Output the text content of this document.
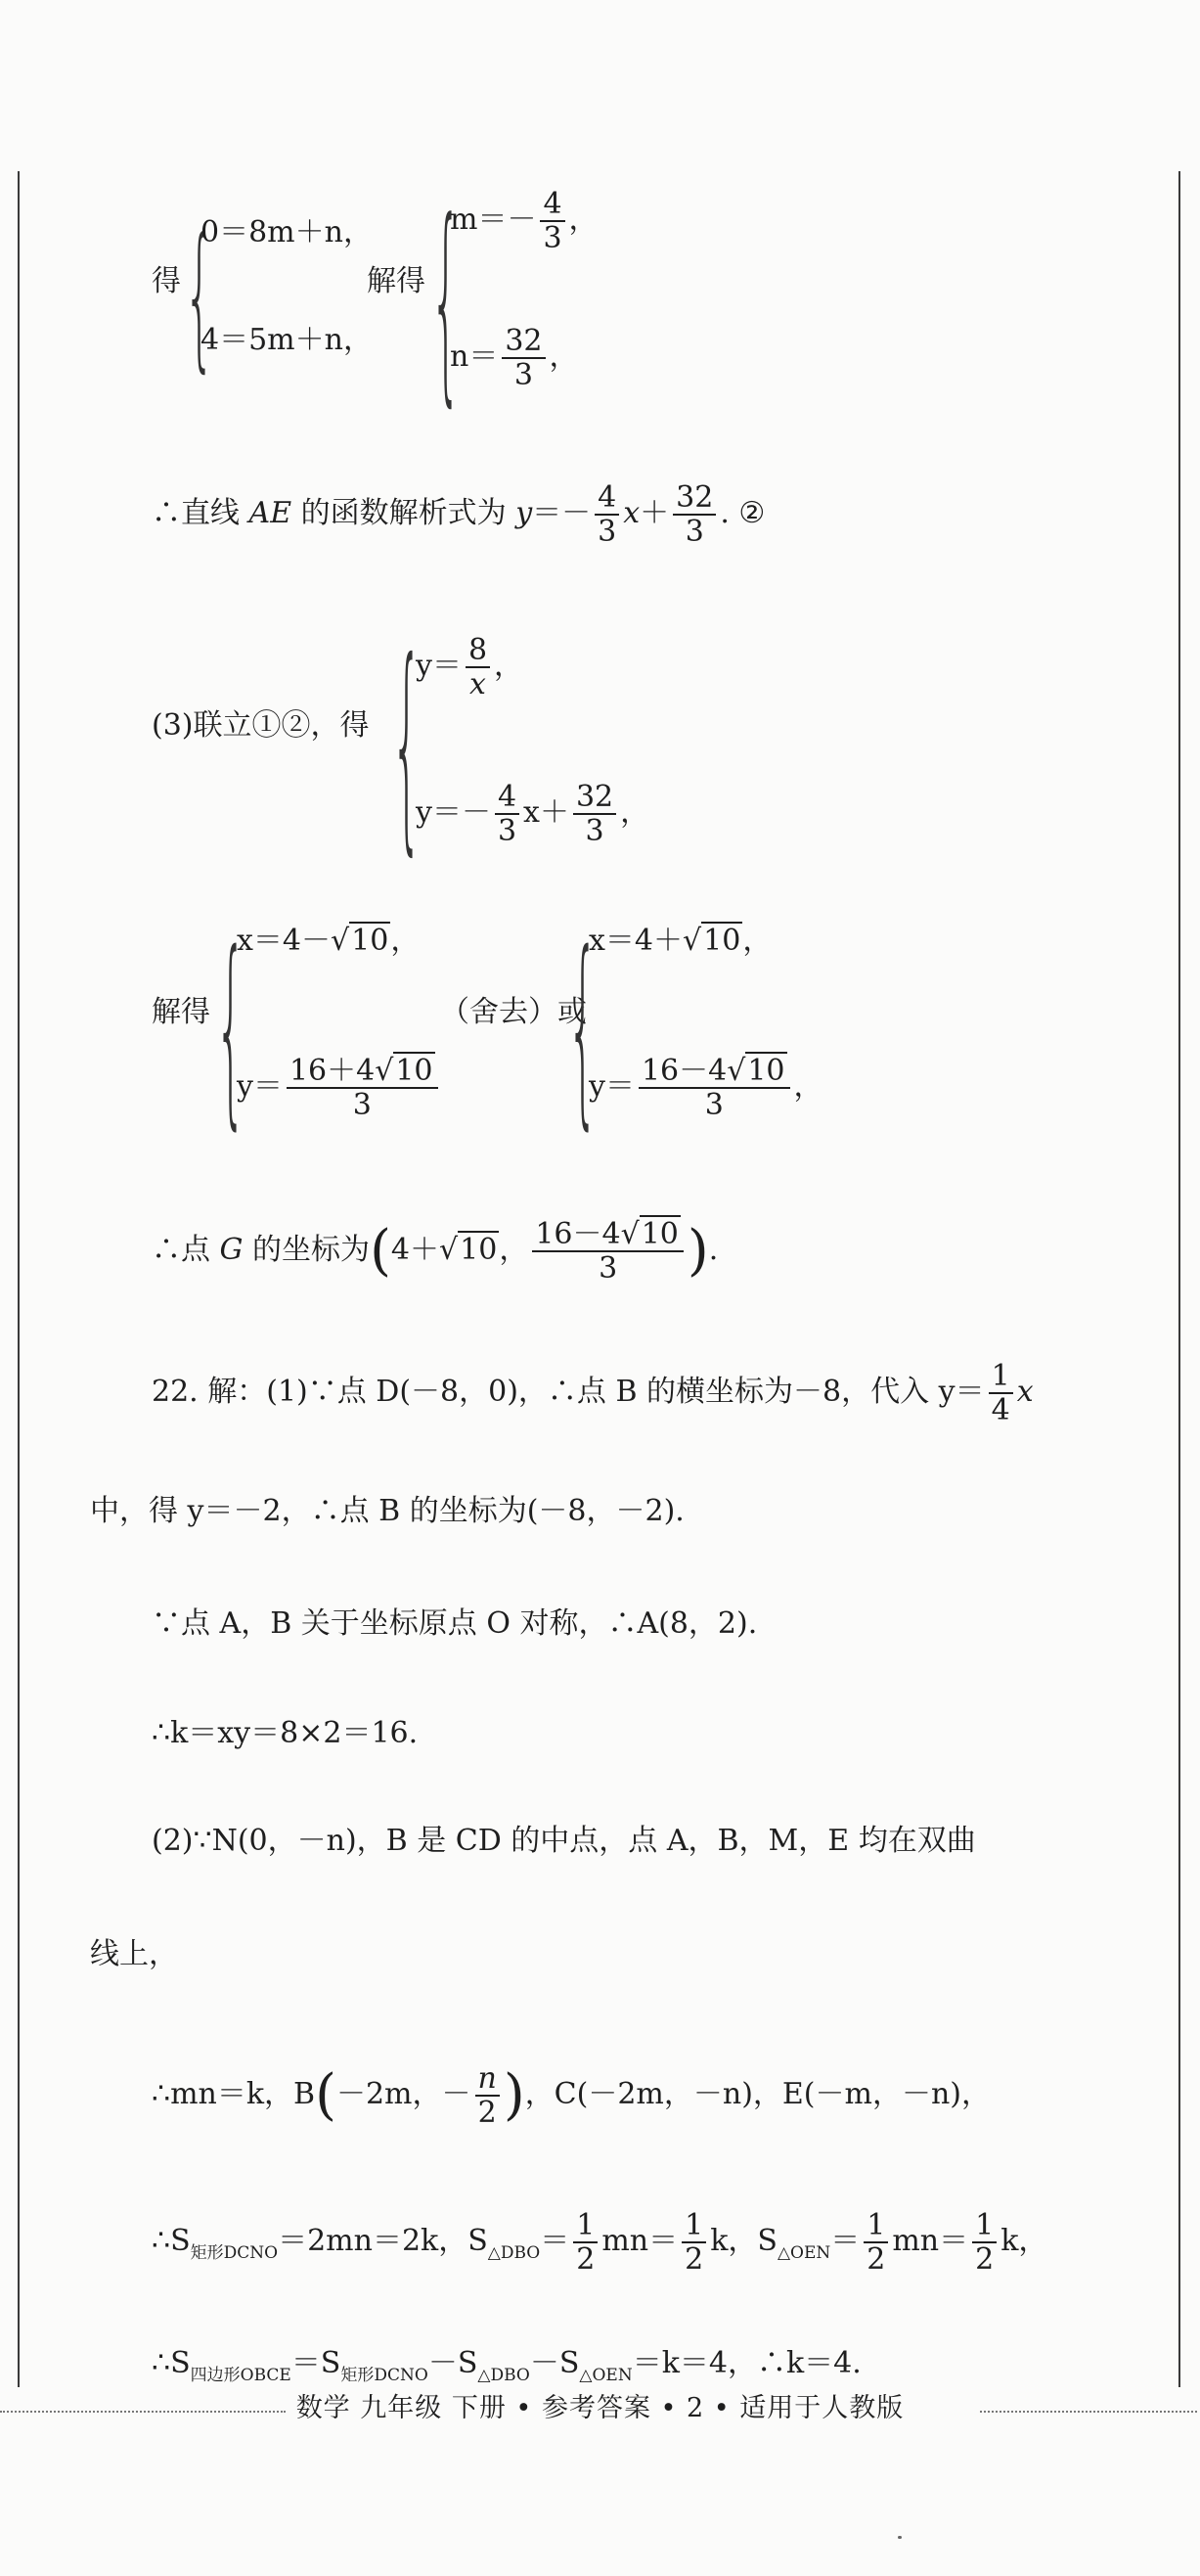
得 {
0＝8m＋n，
4＝5m＋n，
解得 {
$m=- \frac{4}{3}$ ，
$n= \frac{32}{3}$ ，
∴直线 AE 的函数解析式为 $y=- \frac{4}{3} x+ \frac{32}{3}$ . ②
(3)联立①②，得 {
$y= \frac{8}{x}$ ，
$y=- \frac{4}{3} x+ \frac{32}{3}$ ，
解得 {
x＝4－√10，
$y= \frac{16+4√10}{3}$
（舍去）或
{
x＝4＋√10，
$y= \frac{16-4√10}{3}$ ，
∴点 G 的坐标为(4＋√10， $\frac{16-4√10}{3}$ ).
22. 解：(1)∵点 D(－8，0)，∴点 B 的横坐标为－8，代入 $y= \frac{1}{4}$ x
中，得 y＝－2，∴点 B 的坐标为(－8，－2).
∵点 A，B 关于坐标原点 O 对称，∴A(8，2).
∴k＝xy＝8×2＝16.
(2)∵N(0，－n)，B 是 CD 的中点，点 A，B，M，E 均在双曲
线上，
∴mn＝k，B(－2m，－ $\frac{n}{2}$ )，C(－2m，－n)，E(－m，－n)，
$\therefore S_{矩形DCNO}=2mn=2k$，$S_{\triangle DBO}= \frac{1}{2} mn= \frac{1}{2}$ k，$S_{\triangle OEN}= \frac{1}{2} mn= \frac{1}{2}$ k，
$\therefore S_{四边形OBCE}=S_{矩形DCNO}-S_{\triangle DBO}-S_{\triangle OEN}=k=4$，∴k＝4.
数学 九年级 下册 • 参考答案 • 2 • 适用于人教版
